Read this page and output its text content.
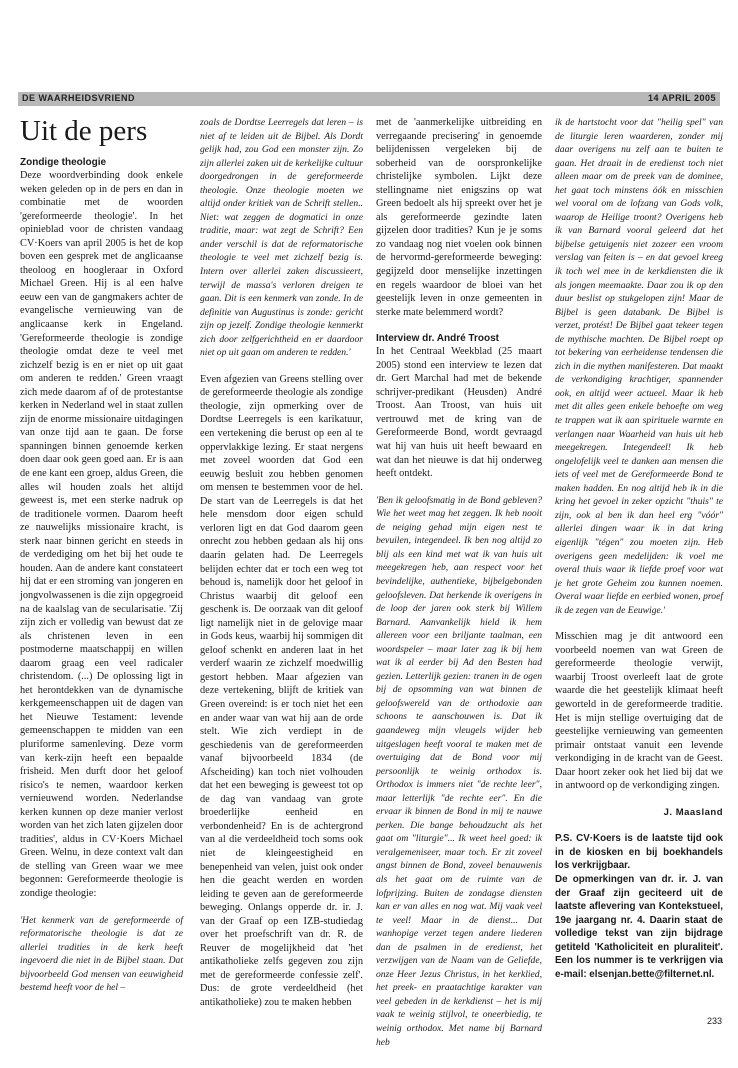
DE WAARHEIDSVRIEND	14 APRIL 2005
Uit de pers

Zondige theologie

Deze woordverbinding dook enkele weken geleden op in de pers en dan in combinatie met de woorden 'gereformeerde theologie'. In het opinieblad voor de christen vandaag CV·Koers van april 2005 is het de kop boven een gesprek met de anglicaanse theoloog en hoogleraar in Oxford Michael Green. Hij is al een halve eeuw een van de gangmakers achter de evangelische vernieuwing van de anglicaanse kerk in Engeland. 'Gereformeerde theologie is zondige theologie omdat deze te veel met zichzelf bezig is en er niet op uit gaat om anderen te redden.' Green vraagt zich mede daarom af of de protestantse kerken in Nederland wel in staat zullen zijn de enorme missionaire uitdagingen van onze tijd aan te gaan. De forse spanningen binnen genoemde kerken doen daar ook geen goed aan. Er is aan de ene kant een groep, aldus Green, die alles wil houden zoals het altijd geweest is, met een sterke nadruk op de traditionele vormen. Daarom heeft ze nauwelijks missionaire kracht, is sterk naar binnen gericht en steeds in de verdediging om het bij het oude te houden. Aan de andere kant constateert hij dat er een stroming van jongeren en jongvolwassenen is die zijn opgegroeid na de kaalslag van de secularisatie. 'Zij zijn zich er volledig van bewust dat ze als christenen leven in een postmoderne maatschappij en willen daarom graag een veel radicaler christendom. (...) De oplossing ligt in het herontdekken van de dynamische kerkgemeenschappen uit de dagen van het Nieuwe Testament: levende gemeenschappen te midden van een pluriforme samenleving. Deze vorm van kerk-zijn heeft een bepaalde frisheid. Men durft door het geloof risico's te nemen, waardoor kerken vernieuwend worden. Nederlandse kerken kunnen op deze manier verlost worden van het zich laten gijzelen door tradities', aldus in CV·Koers Michael Green. Welnu, in deze context valt dan de stelling van Green waar we mee begonnen: Gereformeerde theologie is zondige theologie:

'Het kenmerk van de gereformeerde of reformatorische theologie is dat ze allerlei tradities in de kerk heeft ingevoerd die niet in de Bijbel staan. Dat bijvoorbeeld God mensen van eeuwigheid bestemd heeft voor de hel –

zoals de Dordtse Leerregels dat leren – is niet af te leiden uit de Bijbel. Als Dordt gelijk had, zou God een monster zijn. Zo zijn allerlei zaken uit de kerkelijke cultuur doorgedrongen in de gereformeerde theologie. Onze theologie moeten we altijd onder kritiek van de Schrift stellen.. Niet: wat zeggen de dogmatici in onze traditie, maar: wat zegt de Schrift? Een ander verschil is dat de reformatorische theologie te veel met zichzelf bezig is. Intern over allerlei zaken discussieert, terwijl de massa's verloren dreigen te gaan. Dit is een kenmerk van zonde. In de definitie van Augustinus is zonde: gericht zijn op jezelf. Zondige theologie kenmerkt zich door zelfgerichtheid en er daardoor niet op uit gaan om anderen te redden.'

Even afgezien van Greens stelling over de gereformeerde theologie als zondige theologie, zijn opmerking over de Dordtse Leerregels is een karikatuur, een vertekening die berust op een al te oppervlakkige lezing. Er staat nergens met zoveel woorden dat God een eeuwig besluit zou hebben genomen om mensen te bestemmen voor de hel. De start van de Leerregels is dat het hele mensdom door eigen schuld verloren ligt en dat God daarom geen onrecht zou hebben gedaan als hij ons daarin gelaten had. De Leerregels belijden echter dat er toch een weg tot behoud is, namelijk door het geloof in Christus waarbij dit geloof een geschenk is. De oorzaak van dit geloof ligt namelijk niet in de gelovige maar in Gods keus, waarbij hij sommigen dit geloof schenkt en anderen laat in het verderf waarin ze zichzelf moedwillig gestort hebben. Maar afgezien van deze vertekening, blijft de kritiek van Green overeind: is er toch niet het een en ander waar van wat hij aan de orde stelt. Wie zich verdiept in de geschiedenis van de gereformeerden vanaf bijvoorbeeld 1834 (de Afscheiding) kan toch niet volhouden dat het een beweging is geweest tot op de dag van vandaag van grote broederlijke eenheid en verbondenheid? En is de achtergrond van al die verdeeldheid toch soms ook niet de kleingeestigheid en benepenheid van velen, juist ook onder hen die geacht werden en worden leiding te geven aan de gereformeerde beweging. Onlangs opperde dr. ir. J. van der Graaf op een IZB-studiedag over het proefschrift van dr. R. de Reuver de mogelijkheid dat 'het antikatholieke zelfs gegeven zou zijn met de gereformeerde confessie zelf'. Dus: de grote verdeeldheid (het antikatholieke) zou te maken hebben

met de 'aanmerkelijke uitbreiding en verregaande precisering' in genoemde belijdenissen vergeleken bij de soberheid van de oorspronkelijke christelijke symbolen. Lijkt deze stellingname niet enigszins op wat Green bedoelt als hij spreekt over het je als gereformeerde gezindte laten gijzelen door tradities? Kun je je soms zo vandaag nog niet voelen ook binnen de hervormd-gereformeerde beweging: gegijzeld door menselijke inzettingen en regels waardoor de bloei van het geestelijk leven in onze gemeenten in sterke mate belemmerd wordt?

Interview dr. André Troost

In het Centraal Weekblad (25 maart 2005) stond een interview te lezen dat dr. Gert Marchal had met de bekende schrijver-predikant (Heusden) André Troost. Aan Troost, van huis uit vertrouwd met de kring van de Gereformeerde Bond, wordt gevraagd wat hij van huis uit heeft bewaard en wat dan het nieuwe is dat hij onderweg heeft ontdekt.

'Ben ik geloofsmatig in de Bond gebleven? Wie het weet mag het zeggen. Ik heb nooit de neiging gehad mijn eigen nest te bevuilen, integendeel. Ik ben nog altijd zo blij als een kind met wat ik van huis uit meegekregen heb, aan respect voor het bevindelijke, authentieke, bijbelgebonden geloofsleven. Dat herkende ik overigens in de loop der jaren ook sterk bij Willem Barnard. Aanvankelijk hield ik hem allereen voor een briljante taalman, een woordspeler – maar later zag ik bij hem wat ik al eerder bij Ad den Besten had gezien. Letterlijk gezien: tranen in de ogen bij de opsomming van wat binnen de geloofswereld van de orthodoxie aan schoons te aanschouwen is. Dat ik gaandeweg mijn vleugels wijder heb uitgeslagen heeft vooral te maken met de overtuiging dat de Bond voor mij persoonlijk te weinig orthodox is. Orthodox is immers niet "de rechte leer", maar letterlijk "de rechte eer". En die ervaar ik binnen de Bond in mij te nauwe perken. Die bange behoudzucht als het gaat om "liturgie"... Ik weet heel goed: ik veralgemeniseer, maar toch. Er zit zoveel angst binnen de Bond, zoveel benauwenis als het gaat om de ruimte van de lofprijzing. Buiten de zondagse diensten kan er van alles en nog wat. Mij vaak veel te veel! Maar in de dienst... Dat wanhopige verzet tegen andere liederen dan de psalmen in de eredienst, het verzwijgen van de Naam van de Geliefde, onze Heer Jezus Christus, in het kerklied, het preek- en praatachtige karakter van veel gebeden in de kerkdienst – het is mij vaak te weinig stijlvol, te oneerbiedig, te weinig orthodox. Met name bij Barnard heb

ik de hartstocht voor dat "heilig spel" van de liturgie leren waarderen, zonder mij daar overigens nu zelf aan te buiten te gaan. Het draait in de eredienst toch niet alleen maar om de preek van de dominee, het gaat toch minstens óók en misschien wel vooral om de lofzang van Gods volk, waarop de Heilige troont? Overigens heb ik van Barnard vooral geleerd dat het bijbelse getuigenis niet zozeer een vroom verslag van feiten is – en dat gevoel kreeg ik toch wel mee in de kerkdiensten die ik als jongen meemaakte. Daar zou ik op den duur beslist op stukgelopen zijn! Maar de Bijbel is geen databank. De Bijbel is verzet, protést! De Bijbel gaat tekeer tegen de mythische machten. De Bijbel roept op tot bekering van eerheidense tendensen die zich in die mythen manifesteren. Dat maakt de verkondiging krachtiger, spannender ook, en altijd weer actueel. Maar ik heb met dit alles geen enkele behoefte om weg te trappen wat ik aan spirituele warmte en verlangen naar Waarheid van huis uit heb meegekregen. Integendeel! Ik heb ongelofelijk veel te danken aan mensen die iets of veel met de Gereformeerde Bond te maken hadden. En nog altijd heb ik in die kring het gevoel in zeker opzicht "thuis" te zijn, ook al ben ik dan heel erg "vóór" allerlei dingen waar ik in dat kring eigenlijk "tégen" zou moeten zijn. Heb overigens geen medelijden: ik voel me overal thuis waar ik liefde proef voor wat je het grote Geheim zou kunnen noemen. Overal waar liefde en eerbied wonen, proef ik de zegen van de Eeuwige.'

Misschien mag je dit antwoord een voorbeeld noemen van wat Green de gereformeerde theologie verwijt, waarbij Troost overleeft laat de grote waarde die het geestelijk klimaat heeft geworteld in de gereformeerde traditie. Het is mijn stellige overtuiging dat de geestelijke vernieuwing van gemeenten primair ontstaat vanuit een levende verkondiging in de kracht van de Geest. Daar hoort zeker ook het lied bij dat we in antwoord op de verkondiging zingen.

J. Maasland

P.S. CV·Koers is de laatste tijd ook in de kiosken en bij boekhandels los verkrijgbaar.

De opmerkingen van dr. ir. J. van der Graaf zijn geciteerd uit de laatste aflevering van Kontekstueel, 19e jaargang nr. 4. Daarin staat de volledige tekst van zijn bijdrage getiteld 'Katholiciteit en pluraliteit'. Een los nummer is te verkrijgen via e-mail: elsenjan.bette@filternet.nl.

233
